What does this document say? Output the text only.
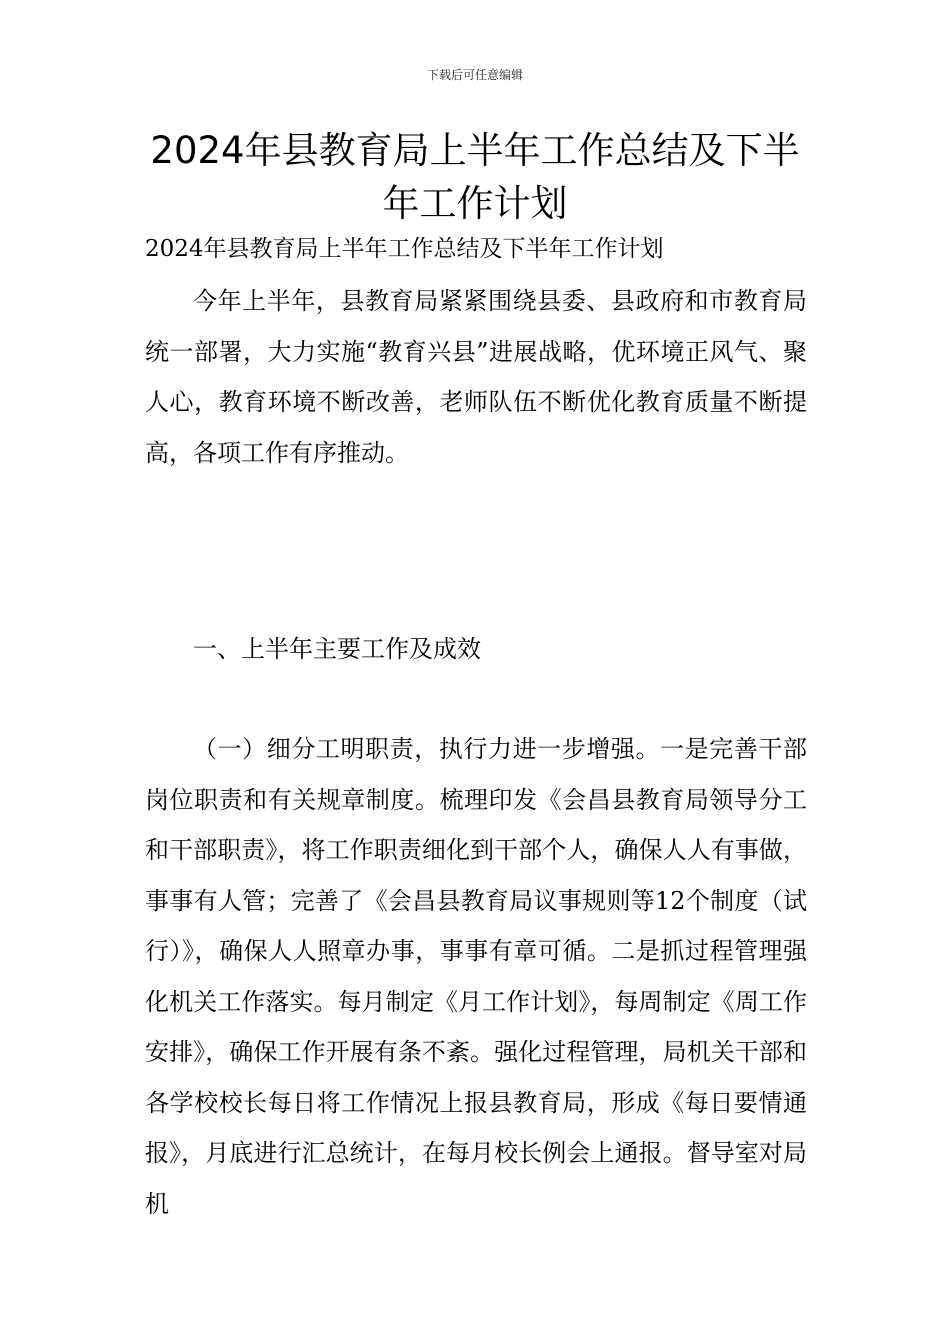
下载后可任意编辑
2024年县教育局上半年工作总结及下半年工作计划

2024年县教育局上半年工作总结及下半年工作计划

今年上半年，县教育局紧紧围绕县委、县政府和市教育局统一部署，大力实施“教育兴县”进展战略，优环境正风气、聚人心，教育环境不断改善，老师队伍不断优化教育质量不断提高，各项工作有序推动。

一、上半年主要工作及成效

（一）细分工明职责，执行力进一步增强。一是完善干部岗位职责和有关规章制度。梳理印发《会昌县教育局领导分工和干部职责》，将工作职责细化到干部个人，确保人人有事做，事事有人管；完善了《会昌县教育局议事规则等12个制度（试行）》，确保人人照章办事，事事有章可循。二是抓过程管理强化机关工作落实。每月制定《月工作计划》，每周制定《周工作安排》，确保工作开展有条不紊。强化过程管理，局机关干部和各学校校长每日将工作情况上报县教育局，形成《每日要情通报》，月底进行汇总统计，在每月校长例会上通报。督导室对局机
